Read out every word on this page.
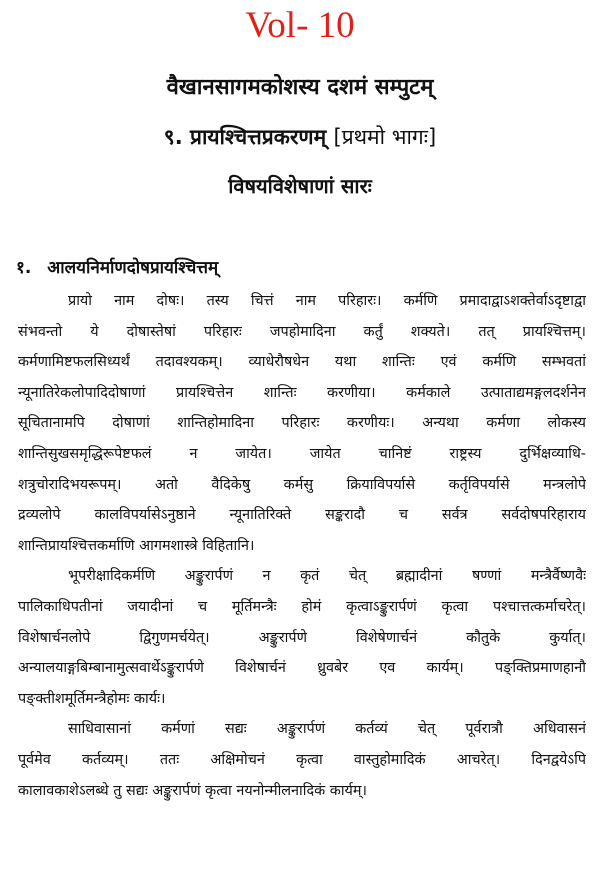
Vol- 10
वैखानसागमकोशस्य दशमं सम्पुटम्
९. प्रायश्चित्तप्रकरणम् [प्रथमो भागः]
विषयविशेषाणां सारः
१. आलयनिर्माणदोषप्रायश्चित्तम्
प्रायो नाम दोषः। तस्य चित्तं नाम परिहारः। कर्मणि प्रमादाद्वाऽशक्तेर्वाऽदृष्टाद्वा
संभवन्तो ये दोषास्तेषां परिहारः जपहोमादिना कर्तुं शक्यते। तत् प्रायश्चित्तम्।
कर्मणामिष्टफलसिध्यर्थं तदावश्यकम्। व्याधेरौषधेन यथा शान्तिः एवं कर्मणि सम्भवतां
न्यूनातिरेकलोपादिदोषाणां प्रायश्चित्तेन शान्तिः करणीया। कर्मकाले उत्पाताद्यमङ्गलदर्शनेन
सूचितानामपि दोषाणां शान्तिहोमादिना परिहारः करणीयः। अन्यथा कर्मणा लोकस्य
शान्तिसुखसमृद्धिरूपेष्टफलं न जायेत। जायेत चानिष्टं राष्ट्रस्य दुर्भिक्षव्याधि-
शत्रुचोरादिभयरूपम्। अतो वैदिकेषु कर्मसु क्रियाविपर्यासे कर्तृविपर्यासे मन्त्रलोपे
द्रव्यलोपे कालविपर्यासेऽनुष्ठाने न्यूनातिरिक्ते सङ्करादौ च सर्वत्र सर्वदोषपरिहाराय
शान्तिप्रायश्चित्तकर्माणि आगमशास्त्रे विहितानि।
भूपरीक्षादिकर्मणि अङ्कुरार्पणं न कृतं चेत् ब्रह्मादीनां षण्णां मन्त्रैर्वैष्णवैः
पालिकाधिपतीनां जयादीनां च मूर्तिमन्त्रैः होमं कृत्वाऽङ्कुरार्पणं कृत्वा पश्चात्तत्कर्माचरेत्।
विशेषार्चनलोपे द्विगुणमर्चयेत्। अङ्कुरार्पणे विशेषेणार्चनं कौतुके कुर्यात्।
अन्यालयाङ्गबिम्बानामुत्सवार्थेऽङ्कुरार्पणे विशेषार्चनं ध्रुवबेर एव कार्यम्। पङ्क्तिप्रमाणहानौ
पङ्क्तीशमूर्तिमन्त्रैहोमः कार्यः।
साधिवासानां कर्मणां सद्यः अङ्कुरार्पणं कर्तव्यं चेत् पूर्वरात्रौ अधिवासनं
पूर्वमेव कर्तव्यम्। ततः अक्षिमोचनं कृत्वा वास्तुहोमादिकं आचरेत्। दिनद्वयेऽपि
कालावकाशेऽलब्धे तु सद्यः अङ्कुरार्पणं कृत्वा नयनोन्मीलनादिकं कार्यम्।
